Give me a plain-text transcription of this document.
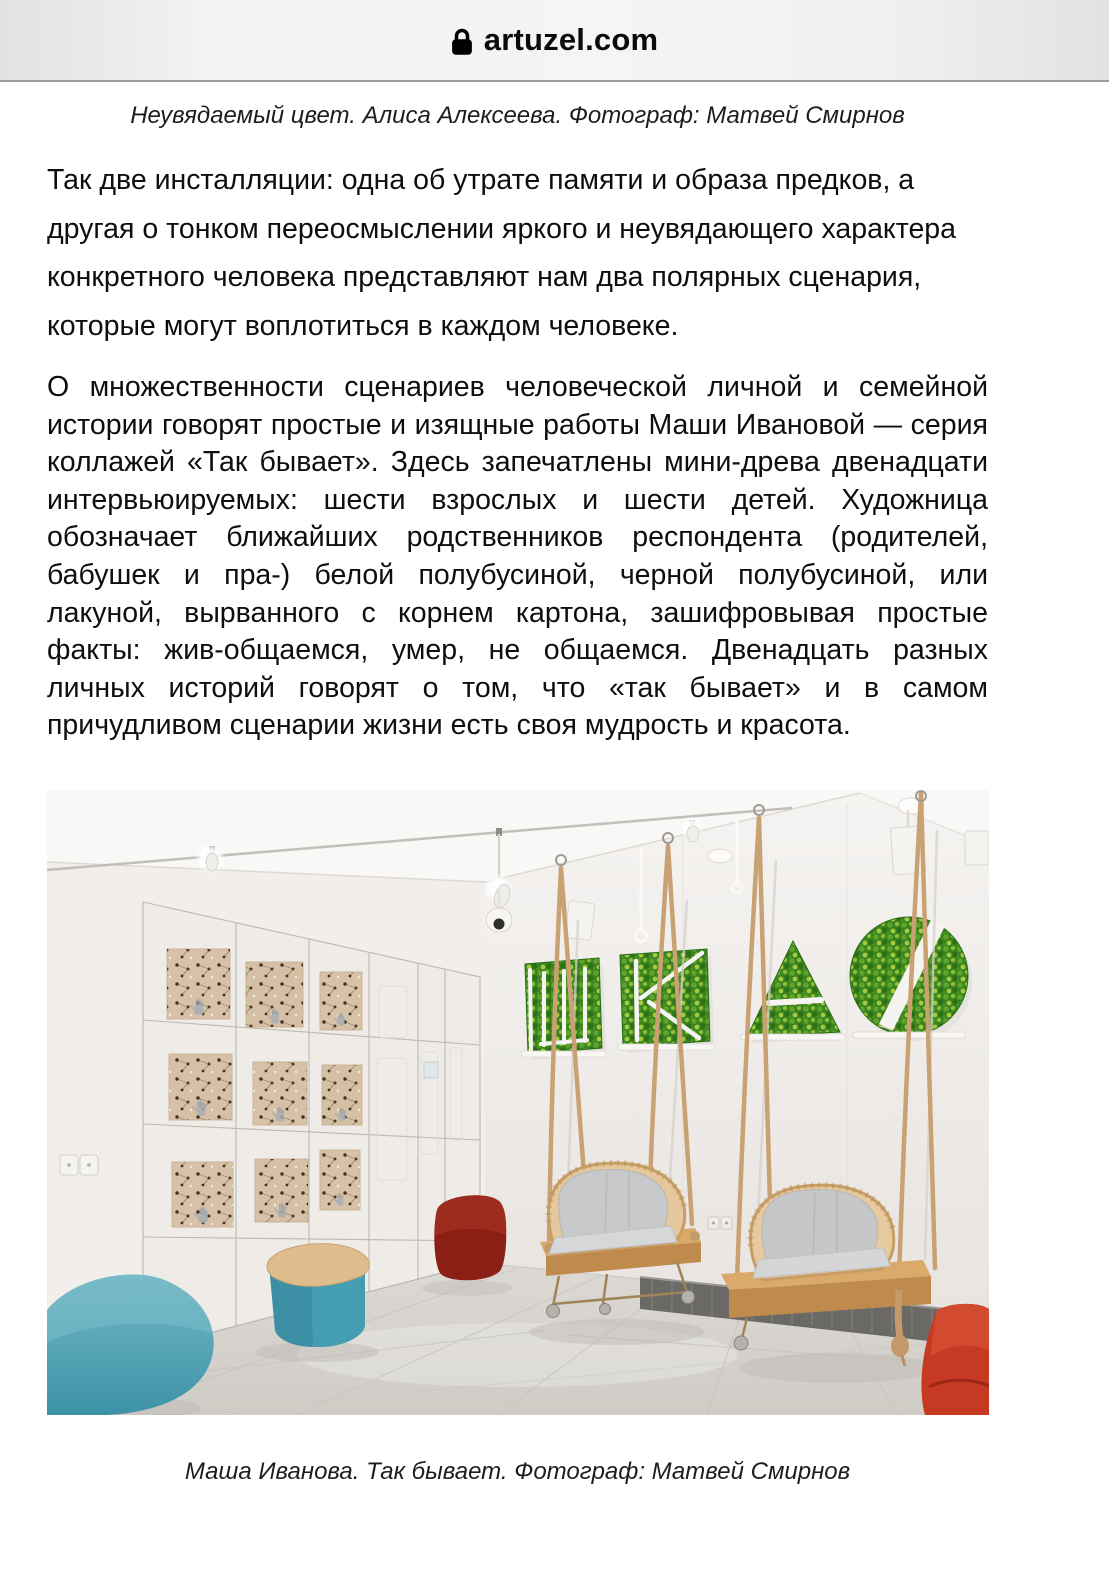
artuzel.com

Неувядаемый цвет. Алиса Алексеева. Фотограф: Матвей Смирнов

Так две инсталляции: одна об утрате памяти и образа предков, а другая о тонком переосмыслении яркого и неувядающего характера конкретного человека представляют нам два полярных сценария, которые могут воплотиться в каждом человеке.

О множественности сценариев человеческой личной и семейной истории говорят простые и изящные работы Маши Ивановой — серия коллажей «Так бывает». Здесь запечатлены мини-древа двенадцати интервьюируемых: шести взрослых и шести детей. Художница обозначает ближайших родственников респондента (родителей, бабушек и пра-) белой полубусиной, черной полубусиной, или лакуной, вырванного с корнем картона, зашифровывая простые факты: жив-общаемся, умер, не общаемся. Двенадцать разных личных историй говорят о том, что «так бывает» и в самом причудливом сценарии жизни есть своя мудрость и красота.

Маша Иванова. Так бывает. Фотограф: Матвей Смирнов
